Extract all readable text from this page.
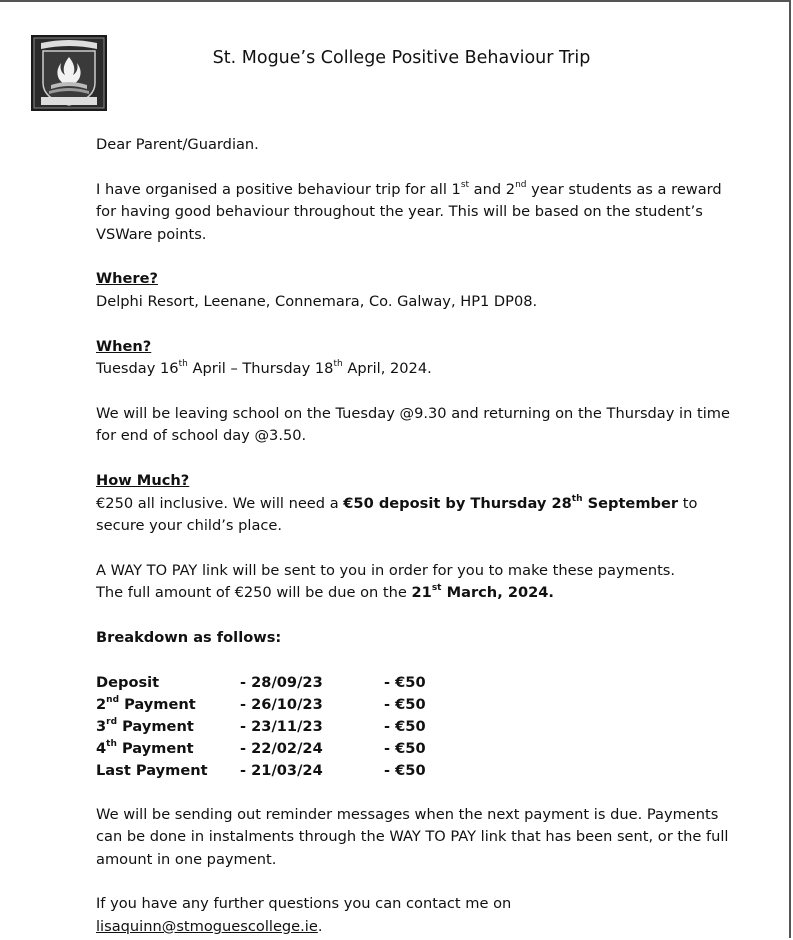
St. Mogue’s College Positive Behaviour Trip

Dear Parent/Guardian.

I have organised a positive behaviour trip for all 1st and 2nd year students as a reward for having good behaviour throughout the year. This will be based on the student’s VSWare points.

Where?

Delphi Resort, Leenane, Connemara, Co. Galway, HP1 DP08.

When?

Tuesday 16th April – Thursday 18th April, 2024.

We will be leaving school on the Tuesday @9.30 and returning on the Thursday in time for end of school day @3.50.

How Much?

€250 all inclusive. We will need a €50 deposit by Thursday 28th September to secure your child’s place.

A WAY TO PAY link will be sent to you in order for you to make these payments.

The full amount of €250 will be due on the 21st March, 2024.

Breakdown as follows:

Deposit	- 28/09/23	- €50
2nd Payment	- 26/10/23	- €50
3rd Payment	- 23/11/23	- €50
4th Payment	- 22/02/24	- €50
Last Payment	- 21/03/24	- €50

We will be sending out reminder messages when the next payment is due. Payments can be done in instalments through the WAY TO PAY link that has been sent, or the full amount in one payment.

If you have any further questions you can contact me on

lisaquinn@stmoguescollege.ie.
